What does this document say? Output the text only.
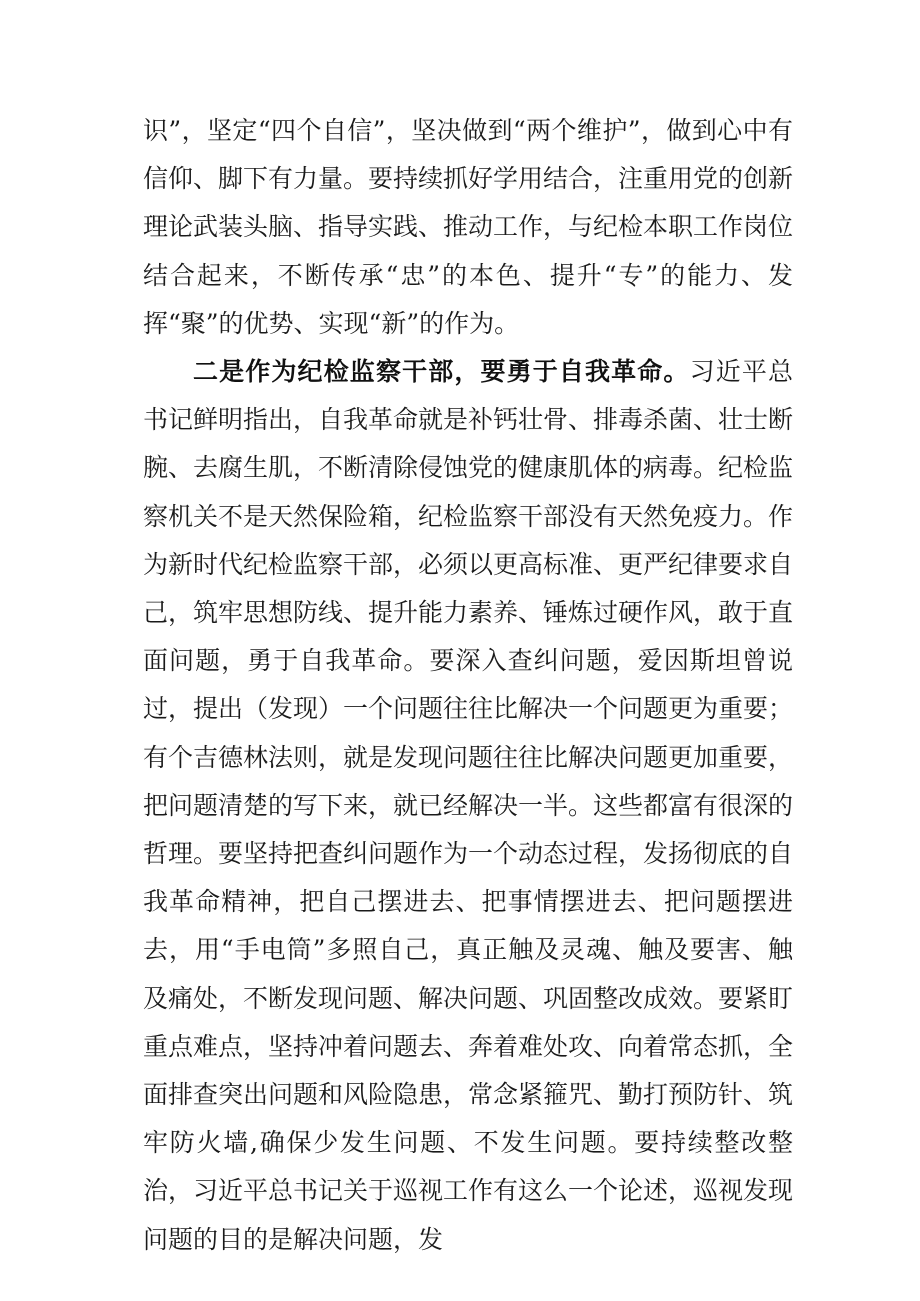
识”，坚定“四个自信”，坚决做到“两个维护”，做到心中有信仰、脚下有力量。要持续抓好学用结合，注重用党的创新理论武装头脑、指导实践、推动工作，与纪检本职工作岗位结合起来，不断传承“忠”的本色、提升“专”的能力、发挥“聚”的优势、实现“新”的作为。

二是作为纪检监察干部，要勇于自我革命。习近平总书记鲜明指出，自我革命就是补钙壮骨、排毒杀菌、壮士断腕、去腐生肌，不断清除侵蚀党的健康肌体的病毒。纪检监察机关不是天然保险箱，纪检监察干部没有天然免疫力。作为新时代纪检监察干部，必须以更高标准、更严纪律要求自己，筑牢思想防线、提升能力素养、锤炼过硬作风，敢于直面问题，勇于自我革命。要深入查纠问题，爱因斯坦曾说过，提出（发现）一个问题往往比解决一个问题更为重要；有个吉德林法则，就是发现问题往往比解决问题更加重要，把问题清楚的写下来，就已经解决一半。这些都富有很深的哲理。要坚持把查纠问题作为一个动态过程，发扬彻底的自我革命精神，把自己摆进去、把事情摆进去、把问题摆进去，用“手电筒”多照自己，真正触及灵魂、触及要害、触及痛处，不断发现问题、解决问题、巩固整改成效。要紧盯重点难点，坚持冲着问题去、奔着难处攻、向着常态抓，全面排查突出问题和风险隐患，常念紧箍咒、勤打预防针、筑牢防火墙,确保少发生问题、不发生问题。要持续整改整治，习近平总书记关于巡视工作有这么一个论述，巡视发现问题的目的是解决问题，发
